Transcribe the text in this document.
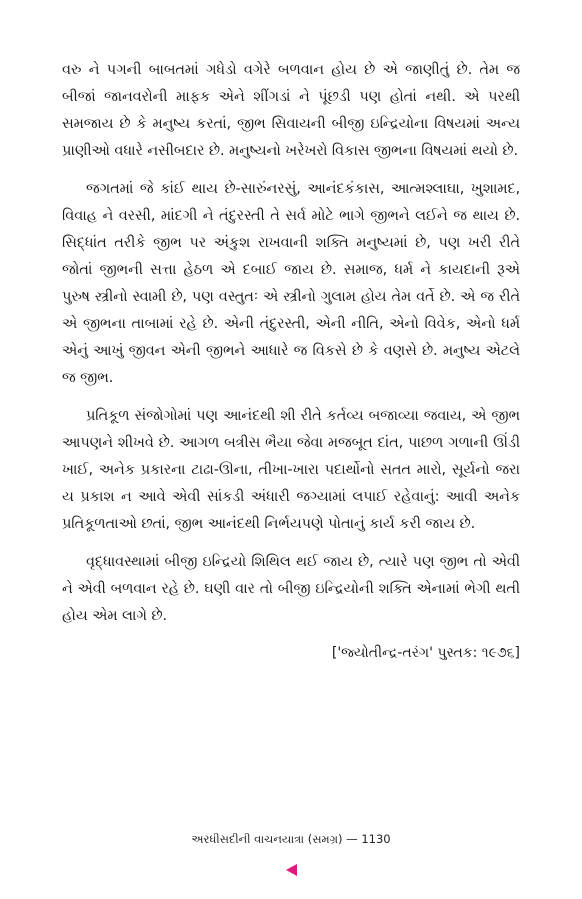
વરુ ને પગની બાબતમાં ગધેડો વગેરે બળવાન હોય છે એ જાણીતું છે. તેમ જ બીજાં જાનવરોની માફક એને શીંગડાં ને પૂંછડી પણ હોતાં નથી. એ પરથી સમજાય છે કે મનુષ્ય કરતાં, જીભ સિવાયની બીજી ઇન્દ્રિયોના વિષયમાં અન્ય પ્રાણીઓ વધારે નસીબદાર છે. મનુષ્યનો ખરેખરો વિકાસ જીભના વિષયમાં થયો છે.

જગતમાં જે કાંઈ થાય છે-સારુંનરસું, આનંદકંકાસ, આત્મશ્લાઘા, ખુશામદ, વિવાહ ને વરસી, માંદગી ને તંદુરસ્તી તે સર્વ મોટે ભાગે જીભને લઈને જ થાય છે. સિદ્ધાંત તરીકે જીભ પર અંકુશ રાખવાની શક્તિ મનુષ્યમાં છે, પણ ખરી રીતે જોતાં જીભની સત્તા હેઠળ એ દબાઈ જાય છે. સમાજ, ધર્મ ને કાયદાની રૂએ પુરુષ સ્ત્રીનો સ્વામી છે, પણ વસ્તુતઃ એ સ્ત્રીનો ગુલામ હોય તેમ વર્તે છે. એ જ રીતે એ જીભના તાબામાં રહે છે. એની તંદુરસ્તી, એની નીતિ, એનો વિવેક, એનો ધર્મ એનું આખું જીવન એની જીભને આધારે જ વિકસે છે કે વણસે છે. મનુષ્ય એટલે જ જીભ.

પ્રતિકૂળ સંજોગોમાં પણ આનંદથી શી રીતે કર્તવ્ય બજાવ્યા જવાય, એ જીભ આપણને શીખવે છે. આગળ બત્રીસ ભૈયા જેવા મજબૂત દાંત, પાછળ ગળાની ઊંડી ખાઈ, અનેક પ્રકારના ટાઢા-ઊના, તીખા-ખારા પદાર્થોનો સતત મારો, સૂર્યનો જરા ય પ્રકાશ ન આવે એવી સાંકડી અંધારી જગ્યામાં લપાઈ રહેવાનું: આવી અનેક પ્રતિકૂળતાઓ છતાં, જીભ આનંદથી નિર્ભયપણે પોતાનું કાર્ય કરી જાય છે.

વૃદ્ધાવસ્થામાં બીજી ઇન્દ્રિયો શિથિલ થઈ જાય છે, ત્યારે પણ જીભ તો એવી ને એવી બળવાન રહે છે. ઘણી વાર તો બીજી ઇન્દ્રિયોની શક્તિ એનામાં ભેગી થતી હોય એમ લાગે છે.

['જ્યોતીન્દ્ર-તરંગ' પુસ્તક: ૧૯૭૬]
અરધીસદીની વાચનયાત્રા (સમગ્ર) — 1130
